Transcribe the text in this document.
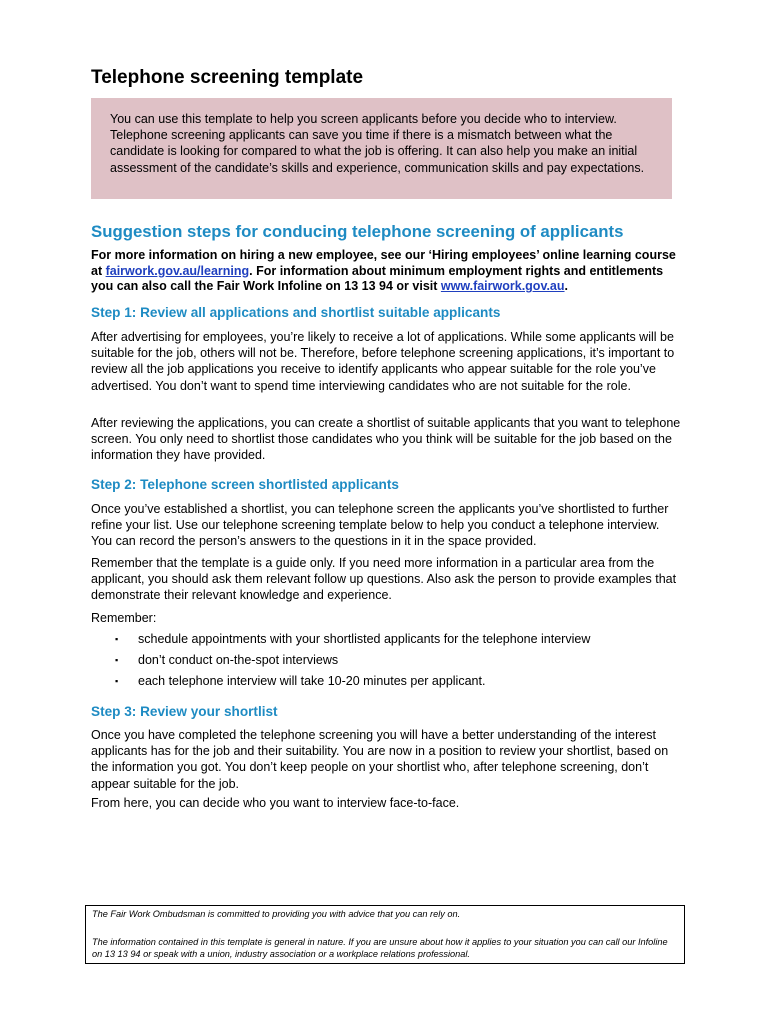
Telephone screening template
You can use this template to help you screen applicants before you decide who to interview. Telephone screening applicants can save you time if there is a mismatch between what the candidate is looking for compared to what the job is offering. It can also help you make an initial assessment of the candidate’s skills and experience, communication skills and pay expectations.
Suggestion steps for conducing telephone screening of applicants
For more information on hiring a new employee, see our ‘Hiring employees’ online learning course at fairwork.gov.au/learning. For information about minimum employment rights and entitlements you can also call the Fair Work Infoline on 13 13 94 or visit www.fairwork.gov.au.
Step 1: Review all applications and shortlist suitable applicants

After advertising for employees, you’re likely to receive a lot of applications. While some applicants will be suitable for the job, others will not be. Therefore, before telephone screening applications, it’s important to review all the job applications you receive to identify applicants who appear suitable for the role you’ve advertised. You don’t want to spend time interviewing candidates who are not suitable for the role.

After reviewing the applications, you can create a shortlist of suitable applicants that you want to telephone screen. You only need to shortlist those candidates who you think will be suitable for the job based on the information they have provided.

Step 2: Telephone screen shortlisted applicants

Once you’ve established a shortlist, you can telephone screen the applicants you’ve shortlisted to further refine your list. Use our telephone screening template below to help you conduct a telephone interview. You can record the person’s answers to the questions in it in the space provided.

Remember that the template is a guide only. If you need more information in a particular area from the applicant, you should ask them relevant follow up questions. Also ask the person to provide examples that demonstrate their relevant knowledge and experience.

Remember:

▪ schedule appointments with your shortlisted applicants for the telephone interview
▪ don’t conduct on-the-spot interviews
▪ each telephone interview will take 10-20 minutes per applicant.
Step 3: Review your shortlist

Once you have completed the telephone screening you will have a better understanding of the interest applicants has for the job and their suitability. You are now in a position to review your shortlist, based on the information you got. You don’t keep people on your shortlist who, after telephone screening, don’t appear suitable for the job.

From here, you can decide who you want to interview face-to-face.

The Fair Work Ombudsman is committed to providing you with advice that you can rely on.

The information contained in this template is general in nature. If you are unsure about how it applies to your situation you can call our Infoline on 13 13 94 or speak with a union, industry association or a workplace relations professional.
